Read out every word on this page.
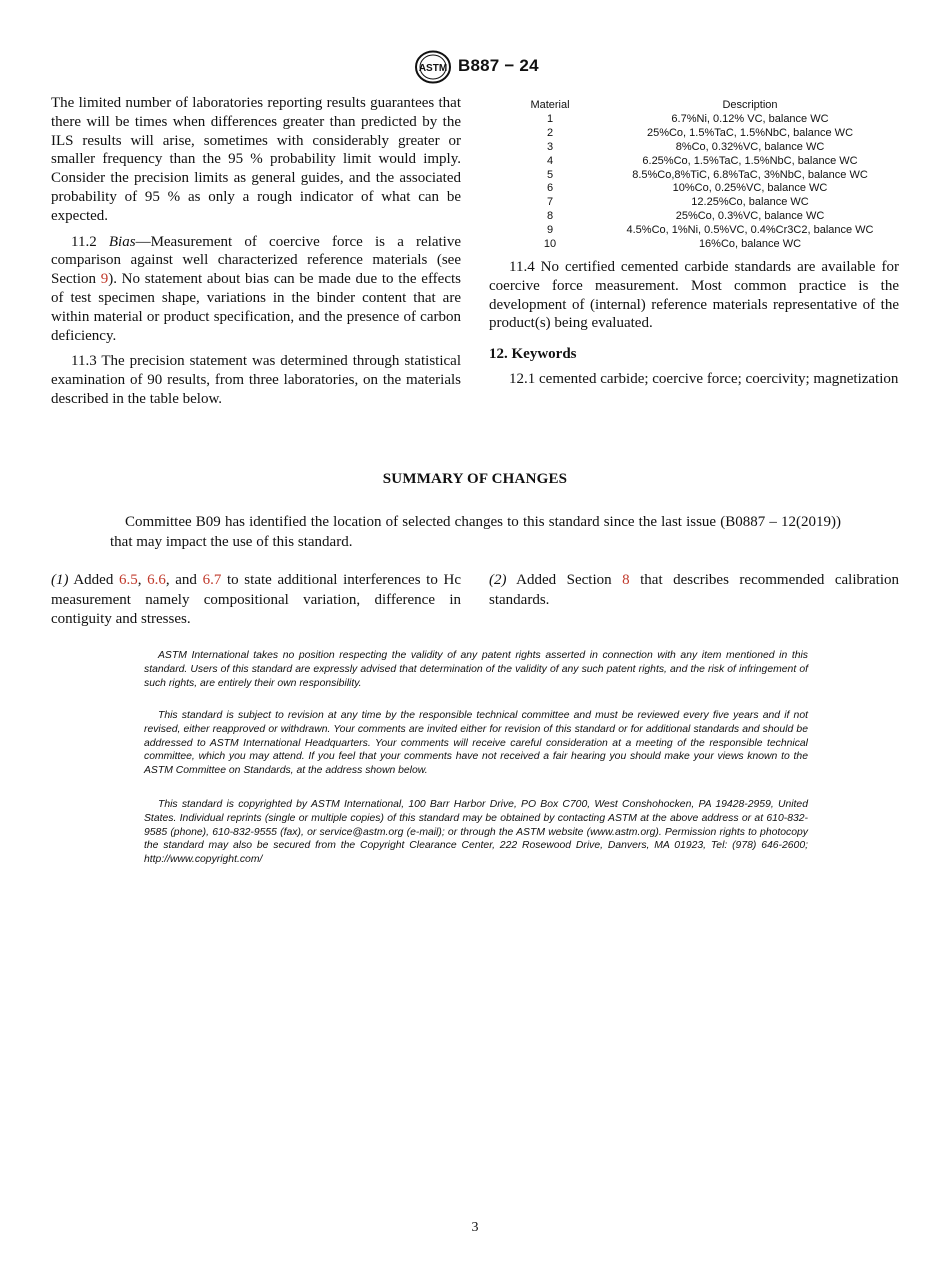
ASTM B887 − 24

The limited number of laboratories reporting results guarantees that there will be times when differences greater than predicted by the ILS results will arise, sometimes with considerably greater or smaller frequency than the 95 % probability limit would imply. Consider the precision limits as general guides, and the associated probability of 95 % as only a rough indicator of what can be expected.

11.2 Bias—Measurement of coercive force is a relative comparison against well characterized reference materials (see Section 9). No statement about bias can be made due to the effects of test specimen shape, variations in the binder content that are within material or product specification, and the presence of carbon deficiency.

11.3 The precision statement was determined through statistical examination of 90 results, from three laboratories, on the materials described in the table below.

Material	Description
1	6.7%Ni, 0.12% VC, balance WC
2	25%Co, 1.5%TaC, 1.5%NbC, balance WC
3	8%Co, 0.32%VC, balance WC
4	6.25%Co, 1.5%TaC, 1.5%NbC, balance WC
5	8.5%Co,8%TiC, 6.8%TaC, 3%NbC, balance WC
6	10%Co, 0.25%VC, balance WC
7	12.25%Co, balance WC
8	25%Co, 0.3%VC, balance WC
9	4.5%Co, 1%Ni, 0.5%VC, 0.4%Cr3C2, balance WC
10	16%Co, balance WC

11.4 No certified cemented carbide standards are available for coercive force measurement. Most common practice is the development of (internal) reference materials representative of the product(s) being evaluated.

12. Keywords

12.1 cemented carbide; coercive force; coercivity; magnetization

SUMMARY OF CHANGES

Committee B09 has identified the location of selected changes to this standard since the last issue (B0887 – 12(2019)) that may impact the use of this standard.

(1) Added 6.5, 6.6, and 6.7 to state additional interferences to Hc measurement namely compositional variation, difference in contiguity and stresses.

(2) Added Section 8 that describes recommended calibration standards.

ASTM International takes no position respecting the validity of any patent rights asserted in connection with any item mentioned in this standard. Users of this standard are expressly advised that determination of the validity of any such patent rights, and the risk of infringement of such rights, are entirely their own responsibility.

This standard is subject to revision at any time by the responsible technical committee and must be reviewed every five years and if not revised, either reapproved or withdrawn. Your comments are invited either for revision of this standard or for additional standards and should be addressed to ASTM International Headquarters. Your comments will receive careful consideration at a meeting of the responsible technical committee, which you may attend. If you feel that your comments have not received a fair hearing you should make your views known to the ASTM Committee on Standards, at the address shown below.

This standard is copyrighted by ASTM International, 100 Barr Harbor Drive, PO Box C700, West Conshohocken, PA 19428-2959, United States. Individual reprints (single or multiple copies) of this standard may be obtained by contacting ASTM at the above address or at 610-832-9585 (phone), 610-832-9555 (fax), or service@astm.org (e-mail); or through the ASTM website (www.astm.org). Permission rights to photocopy the standard may also be secured from the Copyright Clearance Center, 222 Rosewood Drive, Danvers, MA 01923, Tel: (978) 646-2600; http://www.copyright.com/

3
